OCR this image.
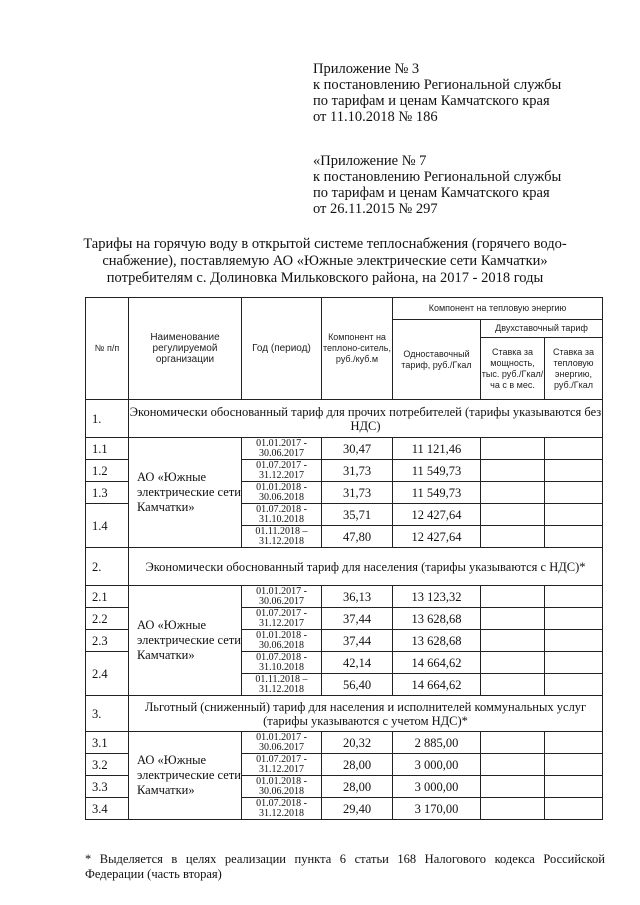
Приложение № 3
к постановлению Региональной службы
по тарифам и ценам Камчатского края
от 11.10.2018 № 186
«Приложение № 7
к постановлению Региональной службы
по тарифам и ценам Камчатского края
от 26.11.2015 № 297
Тарифы на горячую воду в открытой системе теплоснабжения (горячего водо-
снабжение), поставляемую АО «Южные электрические сети Камчатки»
потребителям с. Долиновка Мильковского района, на 2017 - 2018 годы
№ п/п	Наименование регулируемой организации	Год (период)	Компонент на теплоно-ситель, руб./куб.м	Компонент на тепловую энергию		
				Одноставочный тариф, руб./Гкал	Двухставочный тариф	
					Ставка за мощность, тыс. руб./Гкал/ча с в мес.	Ставка за тепловую энергию, руб./Гкал
1.	Экономически обоснованный тариф для прочих потребителей (тарифы указываются без НДС)					
1.1	АО «Южные электрические сети Камчатки»	01.01.2017 - 30.06.2017	30,47	11 121,46		
1.2		01.07.2017 - 31.12.2017	31,73	11 549,73		
1.3		01.01.2018 - 30.06.2018	31,73	11 549,73		
1.4		01.07.2018 - 31.10.2018	35,71	12 427,64		
		01.11.2018 – 31.12.2018	47,80	12 427,64		
2.	Экономически обоснованный тариф для населения (тарифы указываются с НДС)*					
2.1	АО «Южные электрические сети Камчатки»	01.01.2017 - 30.06.2017	36,13	13 123,32		
2.2		01.07.2017 - 31.12.2017	37,44	13 628,68		
2.3		01.01.2018 - 30.06.2018	37,44	13 628,68		
2.4		01.07.2018 - 31.10.2018	42,14	14 664,62		
		01.11.2018 – 31.12.2018	56,40	14 664,62		
3.	Льготный (сниженный) тариф для населения и исполнителей коммунальных услуг (тарифы указываются с учетом НДС)*					
3.1	АО «Южные электрические сети Камчатки»	01.01.2017 - 30.06.2017	20,32	2 885,00		
3.2		01.07.2017 - 31.12.2017	28,00	3 000,00		
3.3		01.01.2018 - 30.06.2018	28,00	3 000,00		
3.4		01.07.2018 - 31.12.2018	29,40	3 170,00		
* Выделяется в целях реализации пункта 6 статьи 168 Налогового кодекса Российской Федерации (часть вторая)
